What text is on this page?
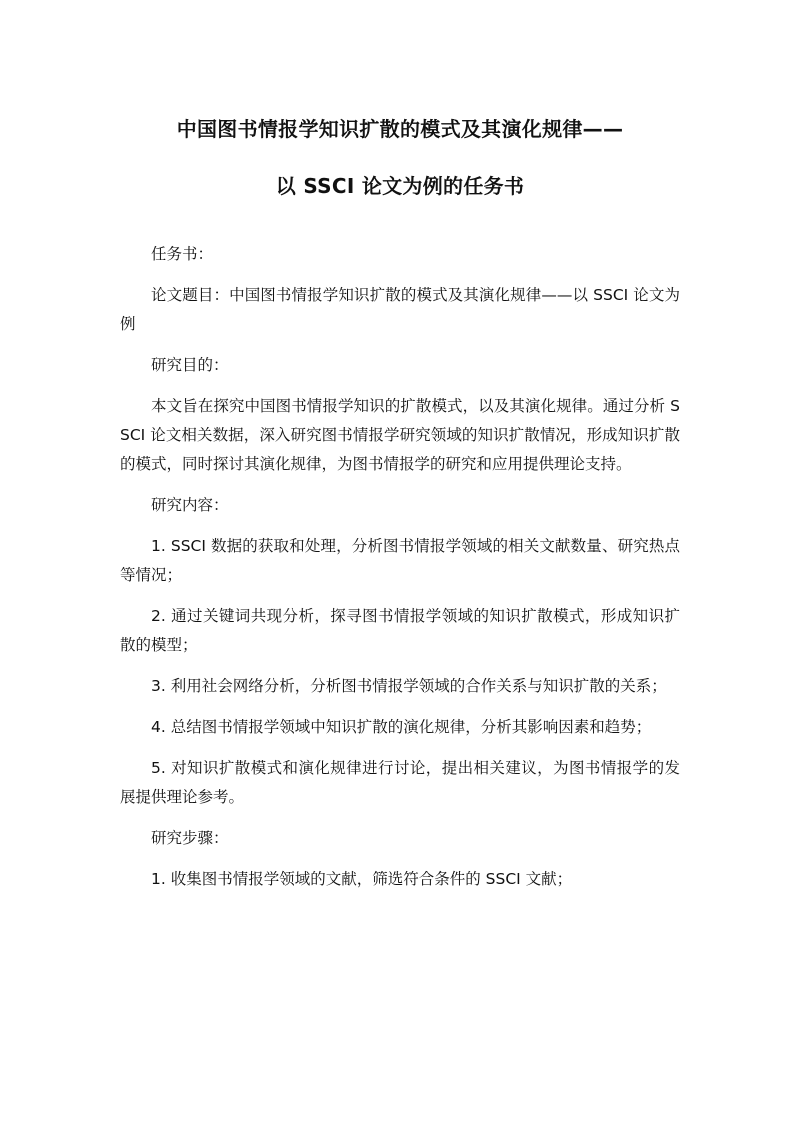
中国图书情报学知识扩散的模式及其演化规律——
以 SSCI 论文为例的任务书

任务书：

论文题目：中国图书情报学知识扩散的模式及其演化规律——以 SSCI 论文为例

研究目的：

本文旨在探究中国图书情报学知识的扩散模式，以及其演化规律。通过分析 SSCI 论文相关数据，深入研究图书情报学研究领域的知识扩散情况，形成知识扩散的模式，同时探讨其演化规律，为图书情报学的研究和应用提供理论支持。

研究内容：

1. SSCI 数据的获取和处理，分析图书情报学领域的相关文献数量、研究热点等情况；

2. 通过关键词共现分析，探寻图书情报学领域的知识扩散模式，形成知识扩散的模型；

3. 利用社会网络分析，分析图书情报学领域的合作关系与知识扩散的关系；

4. 总结图书情报学领域中知识扩散的演化规律，分析其影响因素和趋势；

5. 对知识扩散模式和演化规律进行讨论，提出相关建议，为图书情报学的发展提供理论参考。

研究步骤：

1. 收集图书情报学领域的文献，筛选符合条件的 SSCI 文献；
